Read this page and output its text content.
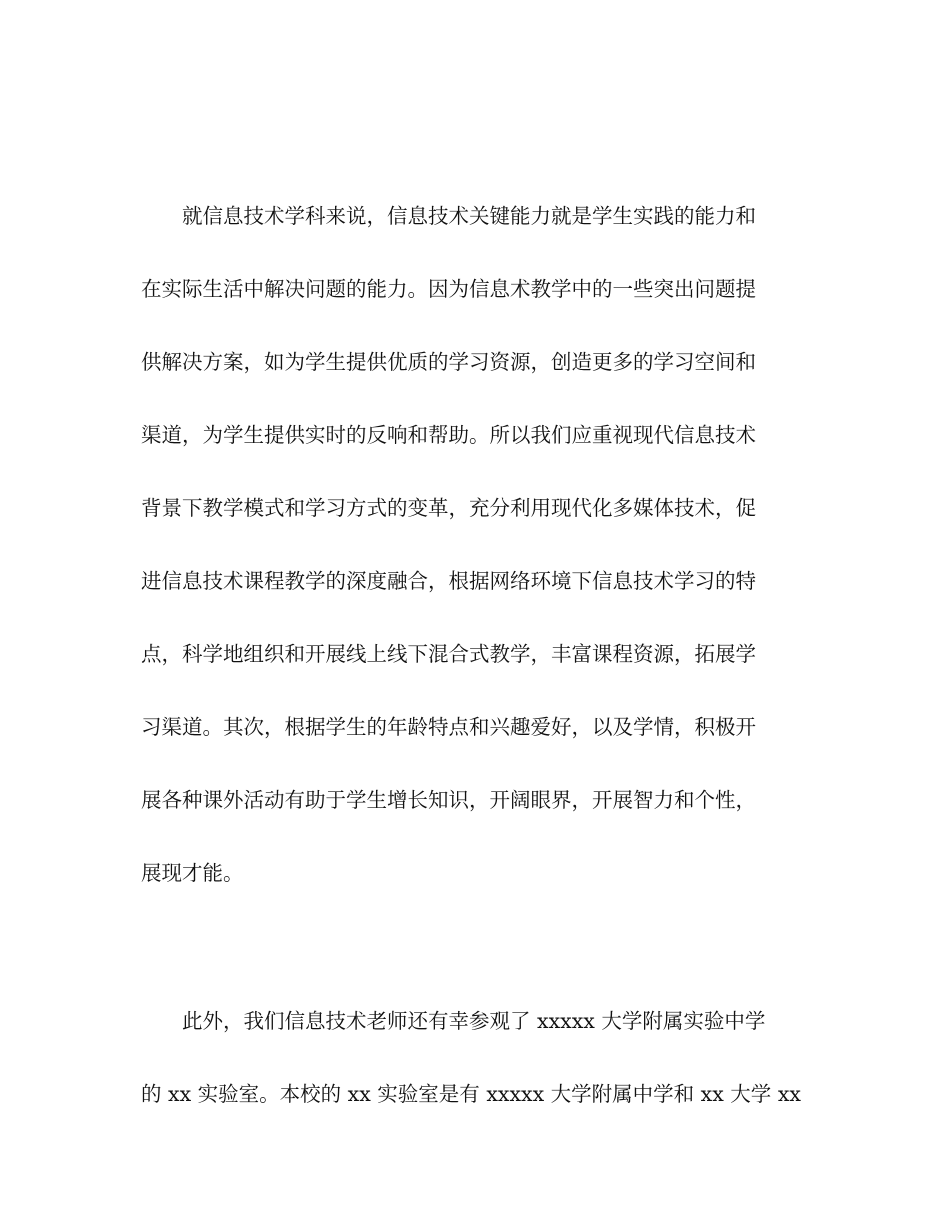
　　就信息技术学科来说，信息技术关键能力就是学生实践的能力和
在实际生活中解决问题的能力。因为信息术教学中的一些突出问题提
供解决方案，如为学生提供优质的学习资源，创造更多的学习空间和
渠道，为学生提供实时的反响和帮助。所以我们应重视现代信息技术
背景下教学模式和学习方式的变革，充分利用现代化多媒体技术，促
进信息技术课程教学的深度融合，根据网络环境下信息技术学习的特
点，科学地组织和开展线上线下混合式教学，丰富课程资源，拓展学
习渠道。其次，根据学生的年龄特点和兴趣爱好，以及学情，积极开
展各种课外活动有助于学生增长知识，开阔眼界，开展智力和个性，
展现才能。
　　此外，我们信息技术老师还有幸参观了 xxxxx 大学附属实验中学
的 xx 实验室。本校的 xx 实验室是有 xxxxx 大学附属中学和 xx 大学 xx
